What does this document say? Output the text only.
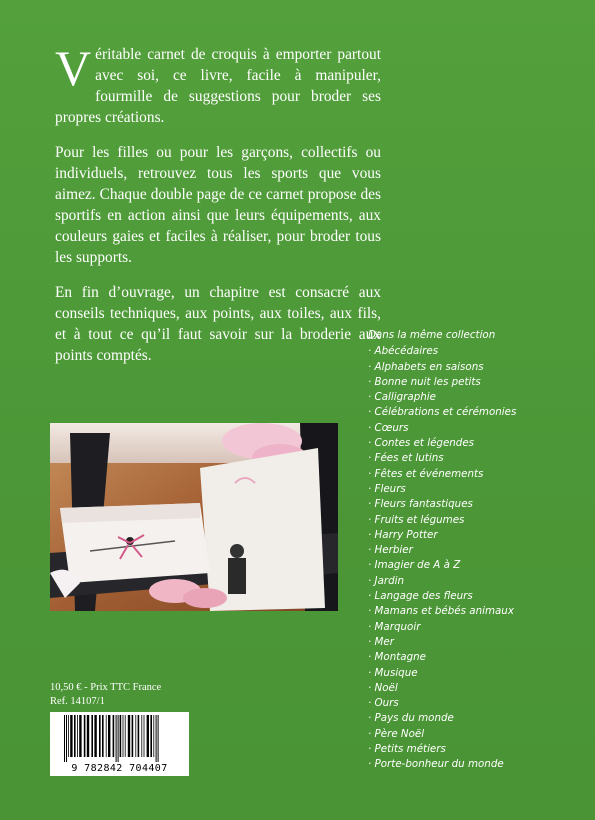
Véritable carnet de croquis à emporter partout avec soi, ce livre, facile à manipuler, fourmille de suggestions pour broder ses propres créations.

Pour les filles ou pour les garçons, collectifs ou individuels, retrouvez tous les sports que vous aimez. Chaque double page de ce carnet propose des sportifs en action ainsi que leurs équipements, aux couleurs gaies et faciles à réaliser, pour broder tous les supports.

En fin d’ouvrage, un chapitre est consacré aux conseils techniques, aux points, aux toiles, aux fils, et à tout ce qu’il faut savoir sur la broderie aux points comptés.

Dans la même collection
· Abécédaires
· Alphabets en saisons
· Bonne nuit les petits
· Calligraphie
· Célébrations et cérémonies
· Cœurs
· Contes et légendes
· Fées et lutins
· Fêtes et événements
· Fleurs
· Fleurs fantastiques
· Fruits et légumes
· Harry Potter
· Herbier
· Imagier de A à Z
· Jardin
· Langage des fleurs
· Mamans et bébés animaux
· Marquoir
· Mer
· Montagne
· Musique
· Noël
· Ours
· Pays du monde
· Père Noël
· Petits métiers
· Porte-bonheur du monde
10,50 € - Prix TTC France
Ref. 14107/1
9 782842 704407
